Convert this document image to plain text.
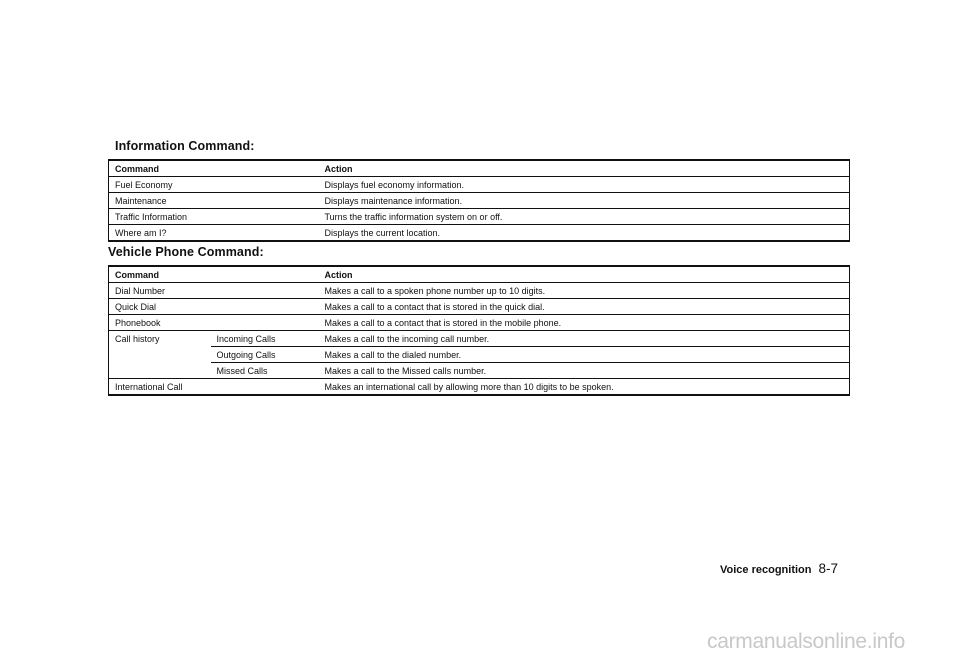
Information Command:
Command	Action
Fuel Economy	Displays fuel economy information.
Maintenance	Displays maintenance information.
Traffic Information	Turns the traffic information system on or off.
Where am I?	Displays the current location.
Vehicle Phone Command:
Command		Action
Dial Number		Makes a call to a spoken phone number up to 10 digits.
Quick Dial		Makes a call to a contact that is stored in the quick dial.
Phonebook		Makes a call to a contact that is stored in the mobile phone.
Call history	Incoming Calls	Makes a call to the incoming call number.
	Outgoing Calls	Makes a call to the dialed number.
	Missed Calls	Makes a call to the Missed calls number.
International Call		Makes an international call by allowing more than 10 digits to be spoken.
Voice recognition 8-7
carmanualsonline.info
